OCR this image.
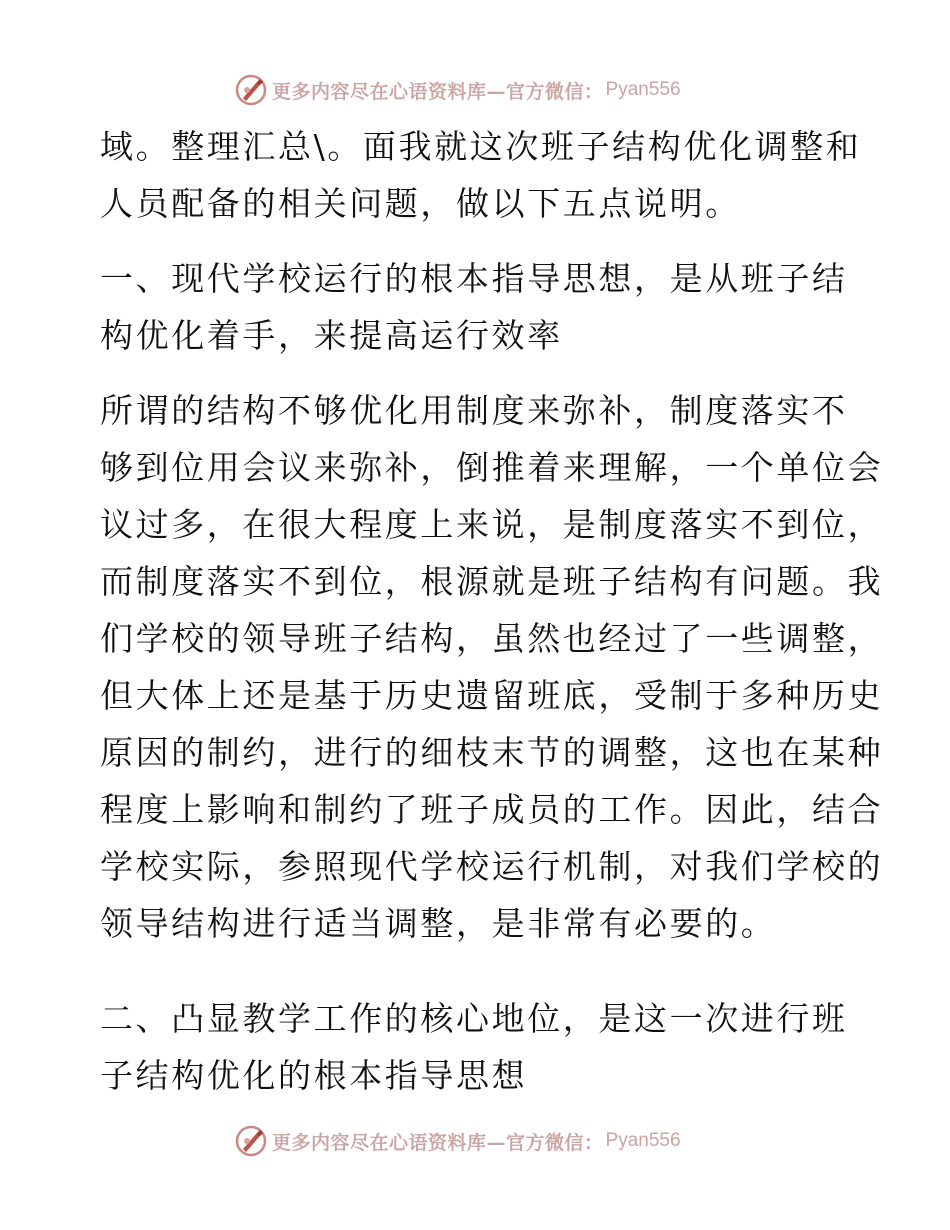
更多内容尽在心语资料库—官方微信： Pyan556

域。整理汇总\。面我就这次班子结构优化调整和
人员配备的相关问题，做以下五点说明。

一、现代学校运行的根本指导思想，是从班子结
构优化着手，来提高运行效率

所谓的结构不够优化用制度来弥补，制度落实不
够到位用会议来弥补，倒推着来理解，一个单位会
议过多，在很大程度上来说，是制度落实不到位，
而制度落实不到位，根源就是班子结构有问题。我
们学校的领导班子结构，虽然也经过了一些调整，
但大体上还是基于历史遗留班底，受制于多种历史
原因的制约，进行的细枝末节的调整，这也在某种
程度上影响和制约了班子成员的工作。因此，结合
学校实际，参照现代学校运行机制，对我们学校的
领导结构进行适当调整，是非常有必要的。

二、凸显教学工作的核心地位，是这一次进行班
子结构优化的根本指导思想

更多内容尽在心语资料库—官方微信： Pyan556
